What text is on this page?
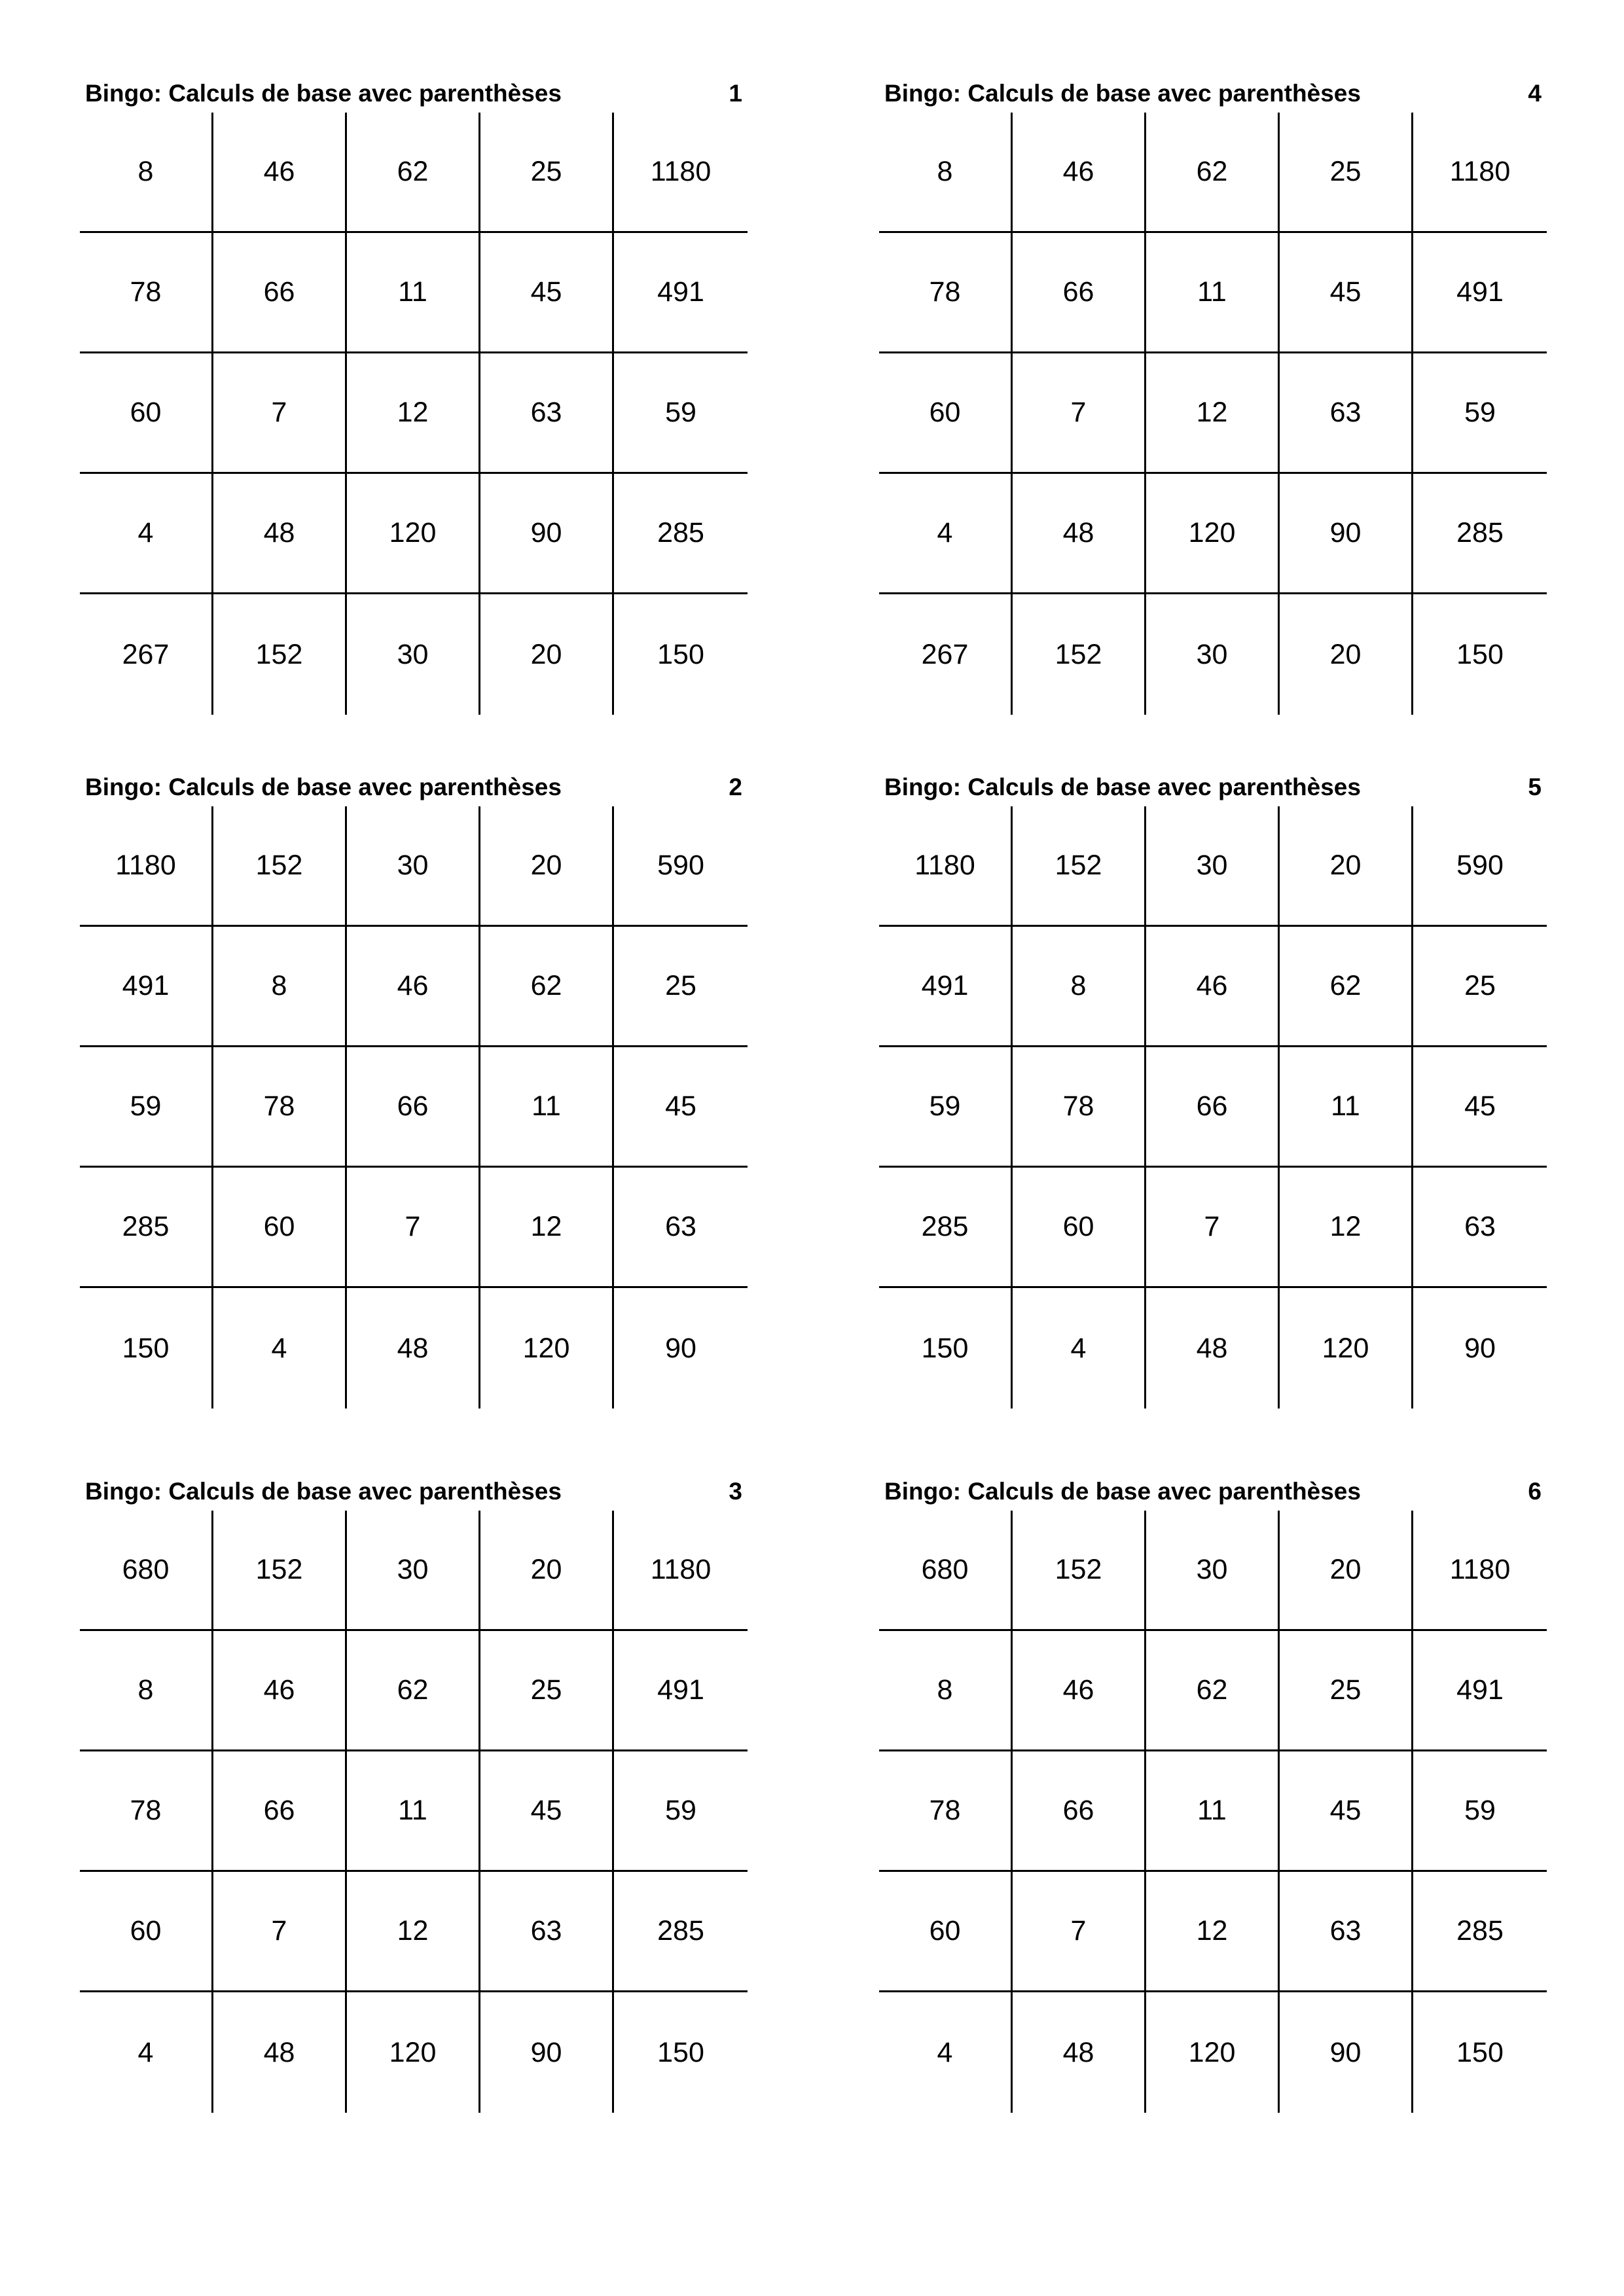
Bingo: Calculs de base avec parenthèses	1
8	46	62	25	1180
78	66	11	45	491
60	7	12	63	59
4	48	120	90	285
267	152	30	20	150
Bingo: Calculs de base avec parenthèses	4
8	46	62	25	1180
78	66	11	45	491
60	7	12	63	59
4	48	120	90	285
267	152	30	20	150
Bingo: Calculs de base avec parenthèses	2
1180	152	30	20	590
491	8	46	62	25
59	78	66	11	45
285	60	7	12	63
150	4	48	120	90
Bingo: Calculs de base avec parenthèses	5
1180	152	30	20	590
491	8	46	62	25
59	78	66	11	45
285	60	7	12	63
150	4	48	120	90
Bingo: Calculs de base avec parenthèses	3
680	152	30	20	1180
8	46	62	25	491
78	66	11	45	59
60	7	12	63	285
4	48	120	90	150
Bingo: Calculs de base avec parenthèses	6
680	152	30	20	1180
8	46	62	25	491
78	66	11	45	59
60	7	12	63	285
4	48	120	90	150
